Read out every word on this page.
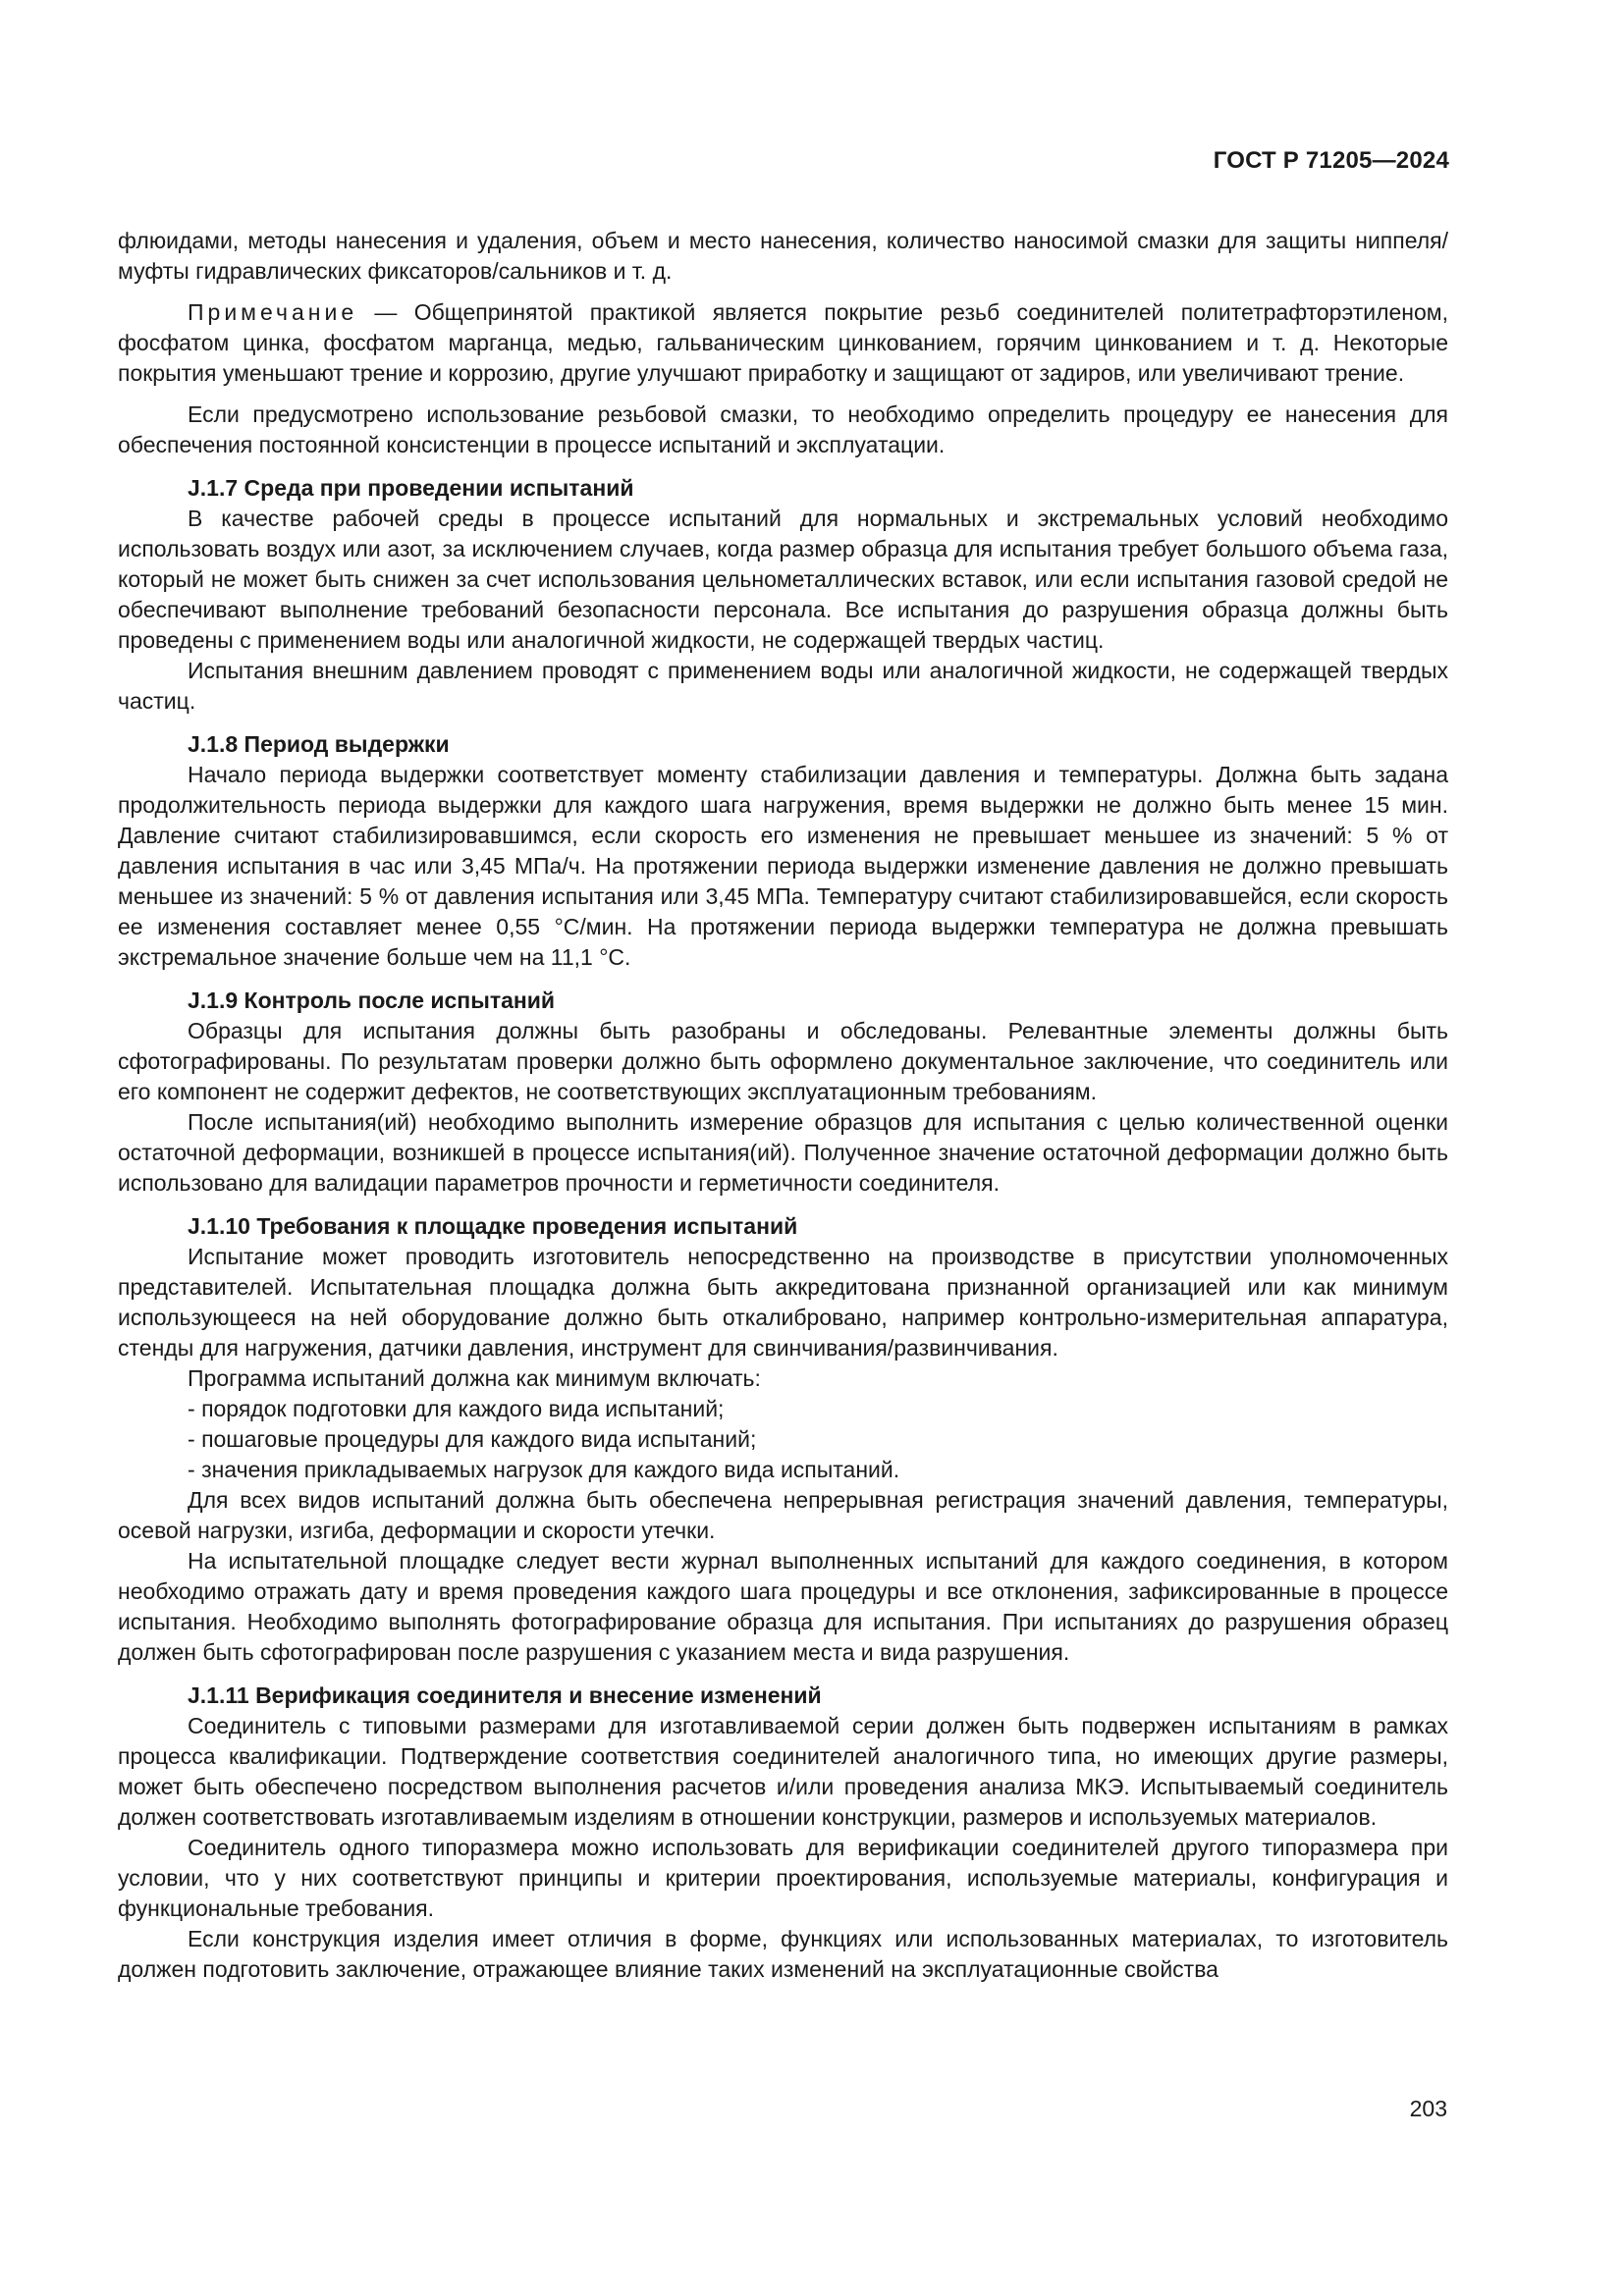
ГОСТ Р 71205—2024

флюидами, методы нанесения и удаления, объем и место нанесения, количество наносимой смазки для защиты ниппеля/муфты гидравлических фиксаторов/сальников и т. д.

Примечание — Общепринятой практикой является покрытие резьб соединителей политетрафторэтиленом, фосфатом цинка, фосфатом марганца, медью, гальваническим цинкованием, горячим цинкованием и т. д. Некоторые покрытия уменьшают трение и коррозию, другие улучшают приработку и защищают от задиров, или увеличивают трение.

Если предусмотрено использование резьбовой смазки, то необходимо определить процедуру ее нанесения для обеспечения постоянной консистенции в процессе испытаний и эксплуатации.

J.1.7 Среда при проведении испытаний

В качестве рабочей среды в процессе испытаний для нормальных и экстремальных условий необходимо использовать воздух или азот, за исключением случаев, когда размер образца для испытания требует большого объема газа, который не может быть снижен за счет использования цельнометаллических вставок, или если испытания газовой средой не обеспечивают выполнение требований безопасности персонала. Все испытания до разрушения образца должны быть проведены с применением воды или аналогичной жидкости, не содержащей твердых частиц.

Испытания внешним давлением проводят с применением воды или аналогичной жидкости, не содержащей твердых частиц.

J.1.8 Период выдержки

Начало периода выдержки соответствует моменту стабилизации давления и температуры. Должна быть задана продолжительность периода выдержки для каждого шага нагружения, время выдержки не должно быть менее 15 мин. Давление считают стабилизировавшимся, если скорость его изменения не превышает меньшее из значений: 5 % от давления испытания в час или 3,45 МПа/ч. На протяжении периода выдержки изменение давления не должно превышать меньшее из значений: 5 % от давления испытания или 3,45 МПа. Температуру считают стабилизировавшейся, если скорость ее изменения составляет менее 0,55 °С/мин. На протяжении периода выдержки температура не должна превышать экстремальное значение больше чем на 11,1 °С.

J.1.9 Контроль после испытаний

Образцы для испытания должны быть разобраны и обследованы. Релевантные элементы должны быть сфотографированы. По результатам проверки должно быть оформлено документальное заключение, что соединитель или его компонент не содержит дефектов, не соответствующих эксплуатационным требованиям.

После испытания(ий) необходимо выполнить измерение образцов для испытания с целью количественной оценки остаточной деформации, возникшей в процессе испытания(ий). Полученное значение остаточной деформации должно быть использовано для валидации параметров прочности и герметичности соединителя.

J.1.10 Требования к площадке проведения испытаний

Испытание может проводить изготовитель непосредственно на производстве в присутствии уполномоченных представителей. Испытательная площадка должна быть аккредитована признанной организацией или как минимум использующееся на ней оборудование должно быть откалибровано, например контрольно-измерительная аппаратура, стенды для нагружения, датчики давления, инструмент для свинчивания/развинчивания.

Программа испытаний должна как минимум включать:

- порядок подготовки для каждого вида испытаний;
- пошаговые процедуры для каждого вида испытаний;
- значения прикладываемых нагрузок для каждого вида испытаний.

Для всех видов испытаний должна быть обеспечена непрерывная регистрация значений давления, температуры, осевой нагрузки, изгиба, деформации и скорости утечки.

На испытательной площадке следует вести журнал выполненных испытаний для каждого соединения, в котором необходимо отражать дату и время проведения каждого шага процедуры и все отклонения, зафиксированные в процессе испытания. Необходимо выполнять фотографирование образца для испытания. При испытаниях до разрушения образец должен быть сфотографирован после разрушения с указанием места и вида разрушения.

J.1.11 Верификация соединителя и внесение изменений

Соединитель с типовыми размерами для изготавливаемой серии должен быть подвержен испытаниям в рамках процесса квалификации. Подтверждение соответствия соединителей аналогичного типа, но имеющих другие размеры, может быть обеспечено посредством выполнения расчетов и/или проведения анализа МКЭ. Испытываемый соединитель должен соответствовать изготавливаемым изделиям в отношении конструкции, размеров и используемых материалов.

Соединитель одного типоразмера можно использовать для верификации соединителей другого типоразмера при условии, что у них соответствуют принципы и критерии проектирования, используемые материалы, конфигурация и функциональные требования.

Если конструкция изделия имеет отличия в форме, функциях или использованных материалах, то изготовитель должен подготовить заключение, отражающее влияние таких изменений на эксплуатационные свойства

203
